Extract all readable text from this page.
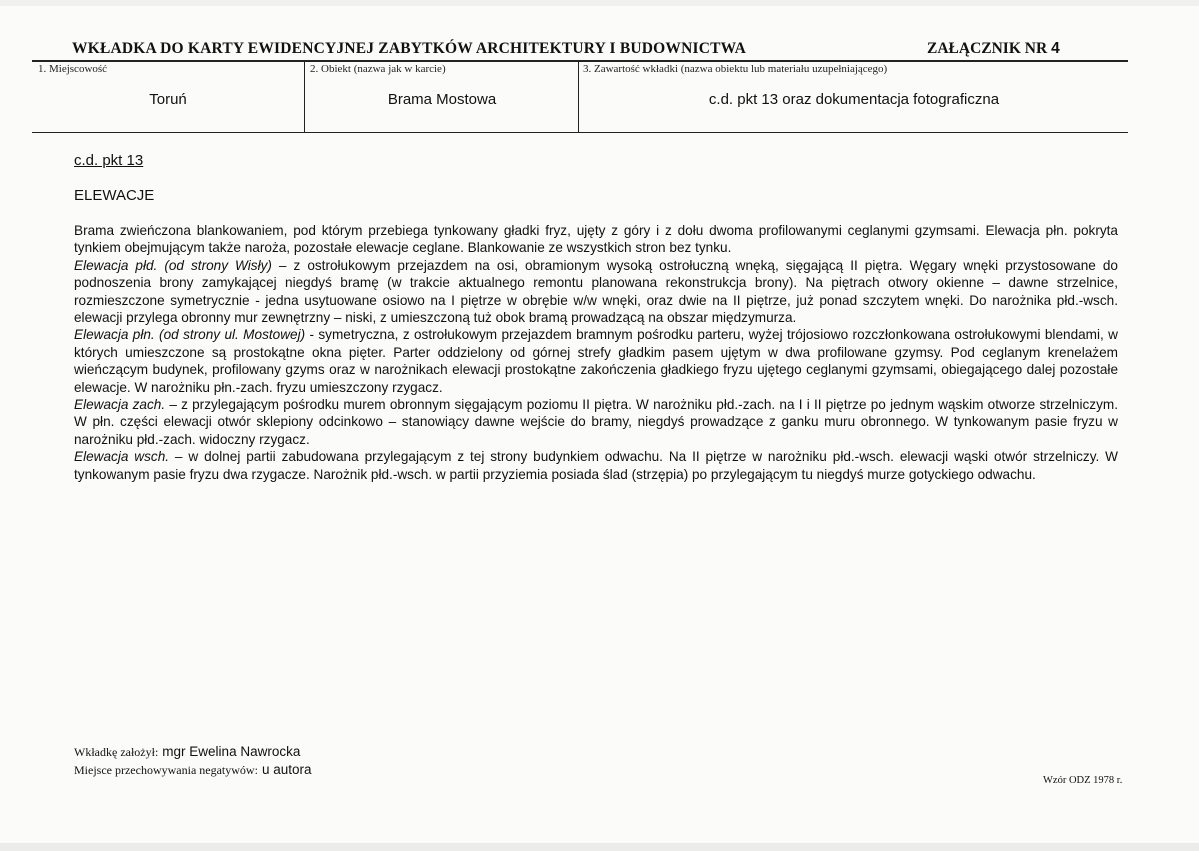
WKŁADKA DO KARTY EWIDENCYJNEJ ZABYTKÓW ARCHITEKTURY I BUDOWNICTWA	ZAŁĄCZNIK NR 4
1. Miejscowość	2. Obiekt (nazwa jak w karcie)	3. Zawartość wkładki (nazwa obiektu lub materiału uzupełniającego)
Toruń	Brama Mostowa	c.d. pkt 13 oraz dokumentacja fotograficzna
c.d. pkt 13
ELEWACJE

Brama zwieńczona blankowaniem, pod którym przebiega tynkowany gładki fryz, ujęty z góry i z dołu dwoma profilowanymi ceglanymi gzymsami. Elewacja płn. pokryta tynkiem obejmującym także naroża, pozostałe elewacje ceglane. Blankowanie ze wszystkich stron bez tynku.

Elewacja płd. (od strony Wisły) – z ostrołukowym przejazdem na osi, obramionym wysoką ostrołuczną wnęką, sięgającą II piętra. Węgary wnęki przystosowane do podnoszenia brony zamykającej niegdyś bramę (w trakcie aktualnego remontu planowana rekonstrukcja brony). Na piętrach otwory okienne – dawne strzelnice, rozmieszczone symetrycznie - jedna usytuowane osiowo na I piętrze w obrębie w/w wnęki, oraz dwie na II piętrze, już ponad szczytem wnęki. Do narożnika płd.-wsch. elewacji przylega obronny mur zewnętrzny – niski, z umieszczoną tuż obok bramą prowadzącą na obszar międzymurza.

Elewacja płn. (od strony ul. Mostowej) - symetryczna, z ostrołukowym przejazdem bramnym pośrodku parteru, wyżej trójosiowo rozczłonkowana ostrołukowymi blendami, w których umieszczone są prostokątne okna pięter. Parter oddzielony od górnej strefy gładkim pasem ujętym w dwa profilowane gzymsy. Pod ceglanym krenelażem wieńczącym budynek, profilowany gzyms oraz w narożnikach elewacji prostokątne zakończenia gładkiego fryzu ujętego ceglanymi gzymsami, obiegającego dalej pozostałe elewacje. W narożniku płn.-zach. fryzu umieszczony rzygacz.

Elewacja zach. – z przylegającym pośrodku murem obronnym sięgającym poziomu II piętra. W narożniku płd.-zach. na I i II piętrze po jednym wąskim otworze strzelniczym. W płn. części elewacji otwór sklepiony odcinkowo – stanowiący dawne wejście do bramy, niegdyś prowadzące z ganku muru obronnego. W tynkowanym pasie fryzu w narożniku płd.-zach. widoczny rzygacz.

Elewacja wsch. – w dolnej partii zabudowana przylegającym z tej strony budynkiem odwachu. Na II piętrze w narożniku płd.-wsch. elewacji wąski otwór strzelniczy. W tynkowanym pasie fryzu dwa rzygacze. Narożnik płd.-wsch. w partii przyziemia posiada ślad (strzępia) po przylegającym tu niegdyś murze gotyckiego odwachu.

Wkładkę założył: mgr Ewelina Nawrocka
Miejsce przechowywania negatywów: u autora
Wzór ODZ 1978 r.
